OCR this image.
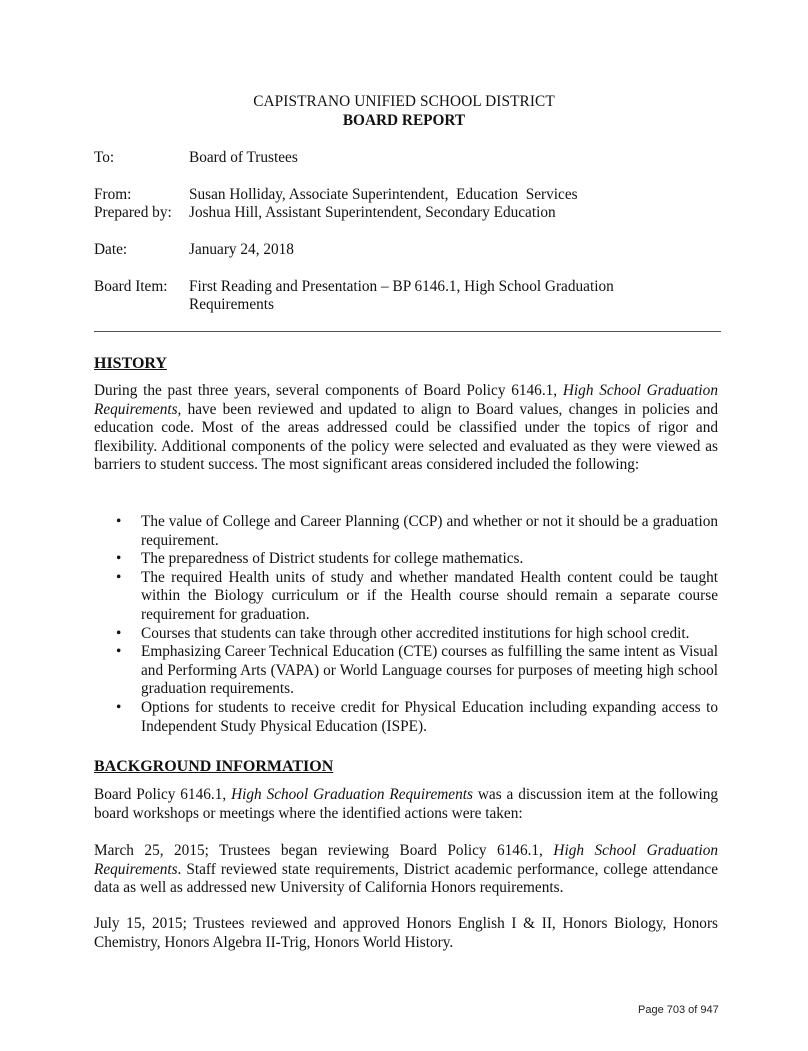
CAPISTRANO UNIFIED SCHOOL DISTRICT
BOARD REPORT
To:	Board of Trustees
From:	Susan Holliday, Associate Superintendent,  Education  Services
Prepared by:	Joshua Hill, Assistant Superintendent, Secondary Education
Date:	January 24, 2018
Board Item:	First Reading and Presentation – BP 6146.1, High School Graduation
Requirements
HISTORY
During the past three years, several components of Board Policy 6146.1, High School Graduation Requirements, have been reviewed and updated to align to Board values, changes in policies and education code. Most of the areas addressed could be classified under the topics of rigor and flexibility. Additional components of the policy were selected and evaluated as they were viewed as barriers to student success. The most significant areas considered included the following:
• The value of College and Career Planning (CCP) and whether or not it should be a graduation requirement.
• The preparedness of District students for college mathematics.
• The required Health units of study and whether mandated Health content could be taught within the Biology curriculum or if the Health course should remain a separate course requirement for graduation.
• Courses that students can take through other accredited institutions for high school credit.
• Emphasizing Career Technical Education (CTE) courses as fulfilling the same intent as Visual and Performing Arts (VAPA) or World Language courses for purposes of meeting high school graduation requirements.
• Options for students to receive credit for Physical Education including expanding access to Independent Study Physical Education (ISPE).
BACKGROUND INFORMATION
Board Policy 6146.1, High School Graduation Requirements was a discussion item at the following board workshops or meetings where the identified actions were taken:
March 25, 2015; Trustees began reviewing Board Policy 6146.1, High School Graduation Requirements. Staff reviewed state requirements, District academic performance, college attendance data as well as addressed new University of California Honors requirements.
July 15, 2015; Trustees reviewed and approved Honors English I & II, Honors Biology, Honors Chemistry, Honors Algebra II-Trig, Honors World History.
Page 703 of 947
